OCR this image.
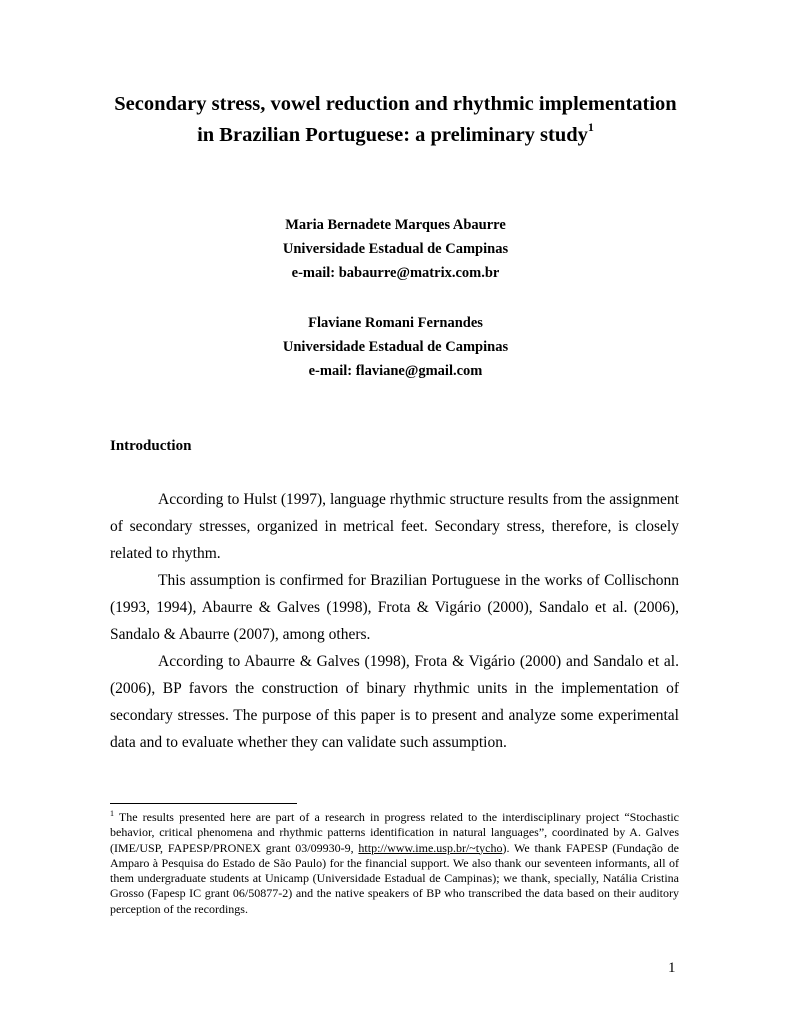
Secondary stress, vowel reduction and rhythmic implementation
in Brazilian Portuguese: a preliminary study$^1$
Maria Bernadete Marques Abaurre
Universidade Estadual de Campinas
e-mail: babaurre@matrix.com.br
Flaviane Romani Fernandes
Universidade Estadual de Campinas
e-mail: flaviane@gmail.com
Introduction

According to Hulst (1997), language rhythmic structure results from the assignment of secondary stresses, organized in metrical feet. Secondary stress, therefore, is closely related to rhythm.

This assumption is confirmed for Brazilian Portuguese in the works of Collischonn (1993, 1994), Abaurre & Galves (1998), Frota & Vigário (2000), Sandalo et al. (2006), Sandalo & Abaurre (2007), among others.

According to Abaurre & Galves (1998), Frota & Vigário (2000) and Sandalo et al. (2006), BP favors the construction of binary rhythmic units in the implementation of secondary stresses. The purpose of this paper is to present and analyze some experimental data and to evaluate whether they can validate such assumption.

$^1$ The results presented here are part of a research in progress related to the interdisciplinary project “Stochastic behavior, critical phenomena and rhythmic patterns identification in natural languages”, coordinated by A. Galves (IME/USP, FAPESP/PRONEX grant 03/09930-9, http://www.ime.usp.br/~tycho). We thank FAPESP (Fundação de Amparo à Pesquisa do Estado de São Paulo) for the financial support. We also thank our seventeen informants, all of them undergraduate students at Unicamp (Universidade Estadual de Campinas); we thank, specially, Natália Cristina Grosso (Fapesp IC grant 06/50877-2) and the native speakers of BP who transcribed the data based on their auditory perception of the recordings.

1
